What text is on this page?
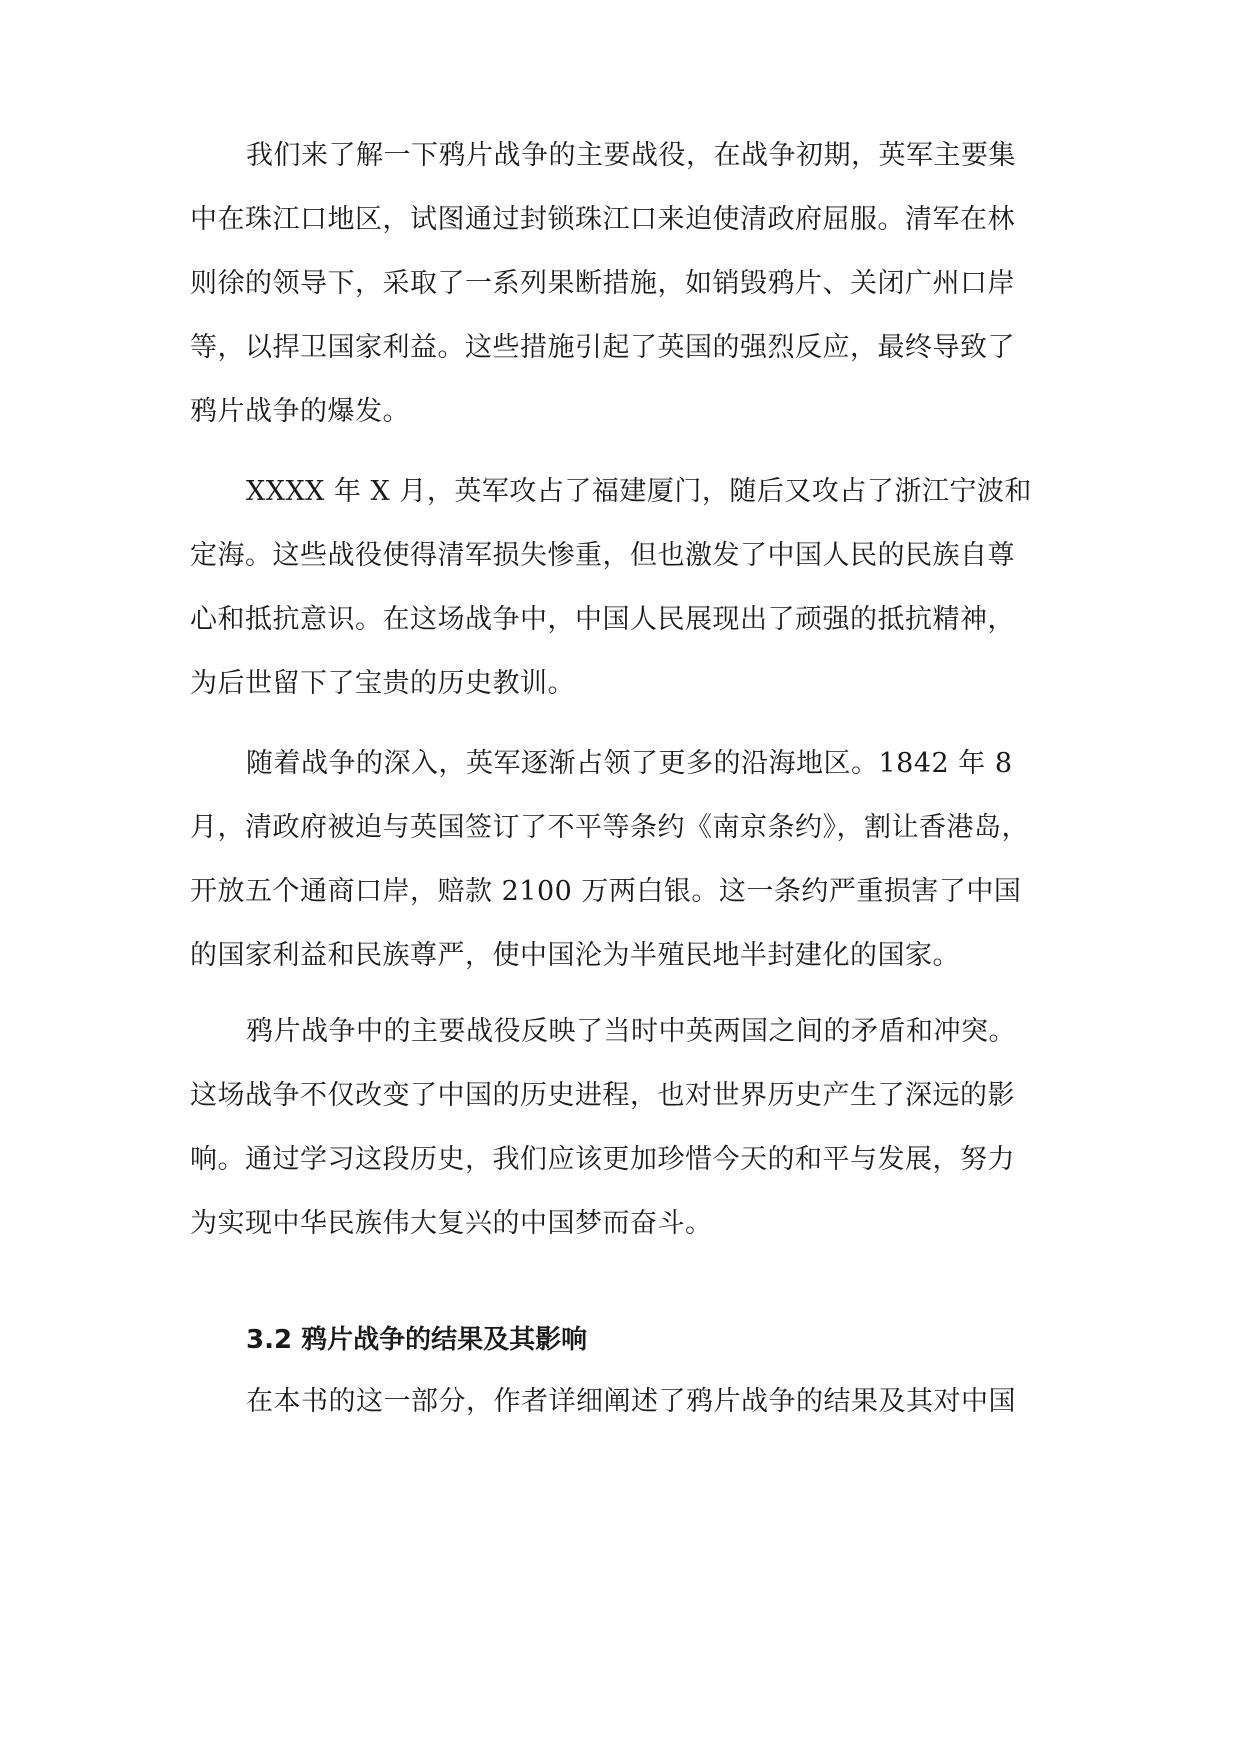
我们来了解一下鸦片战争的主要战役，在战争初期，英军主要集
中在珠江口地区，试图通过封锁珠江口来迫使清政府屈服。清军在林
则徐的领导下，采取了一系列果断措施，如销毁鸦片、关闭广州口岸
等，以捍卫国家利益。这些措施引起了英国的强烈反应，最终导致了
鸦片战争的爆发。
XXXX 年 X 月，英军攻占了福建厦门，随后又攻占了浙江宁波和
定海。这些战役使得清军损失惨重，但也激发了中国人民的民族自尊
心和抵抗意识。在这场战争中，中国人民展现出了顽强的抵抗精神，
为后世留下了宝贵的历史教训。
随着战争的深入，英军逐渐占领了更多的沿海地区。1842 年 8
月，清政府被迫与英国签订了不平等条约《南京条约》，割让香港岛，
开放五个通商口岸，赔款 2100 万两白银。这一条约严重损害了中国
的国家利益和民族尊严，使中国沦为半殖民地半封建化的国家。
鸦片战争中的主要战役反映了当时中英两国之间的矛盾和冲突。
这场战争不仅改变了中国的历史进程，也对世界历史产生了深远的影
响。通过学习这段历史，我们应该更加珍惜今天的和平与发展，努力
为实现中华民族伟大复兴的中国梦而奋斗。
3.2 鸦片战争的结果及其影响
在本书的这一部分，作者详细阐述了鸦片战争的结果及其对中国
